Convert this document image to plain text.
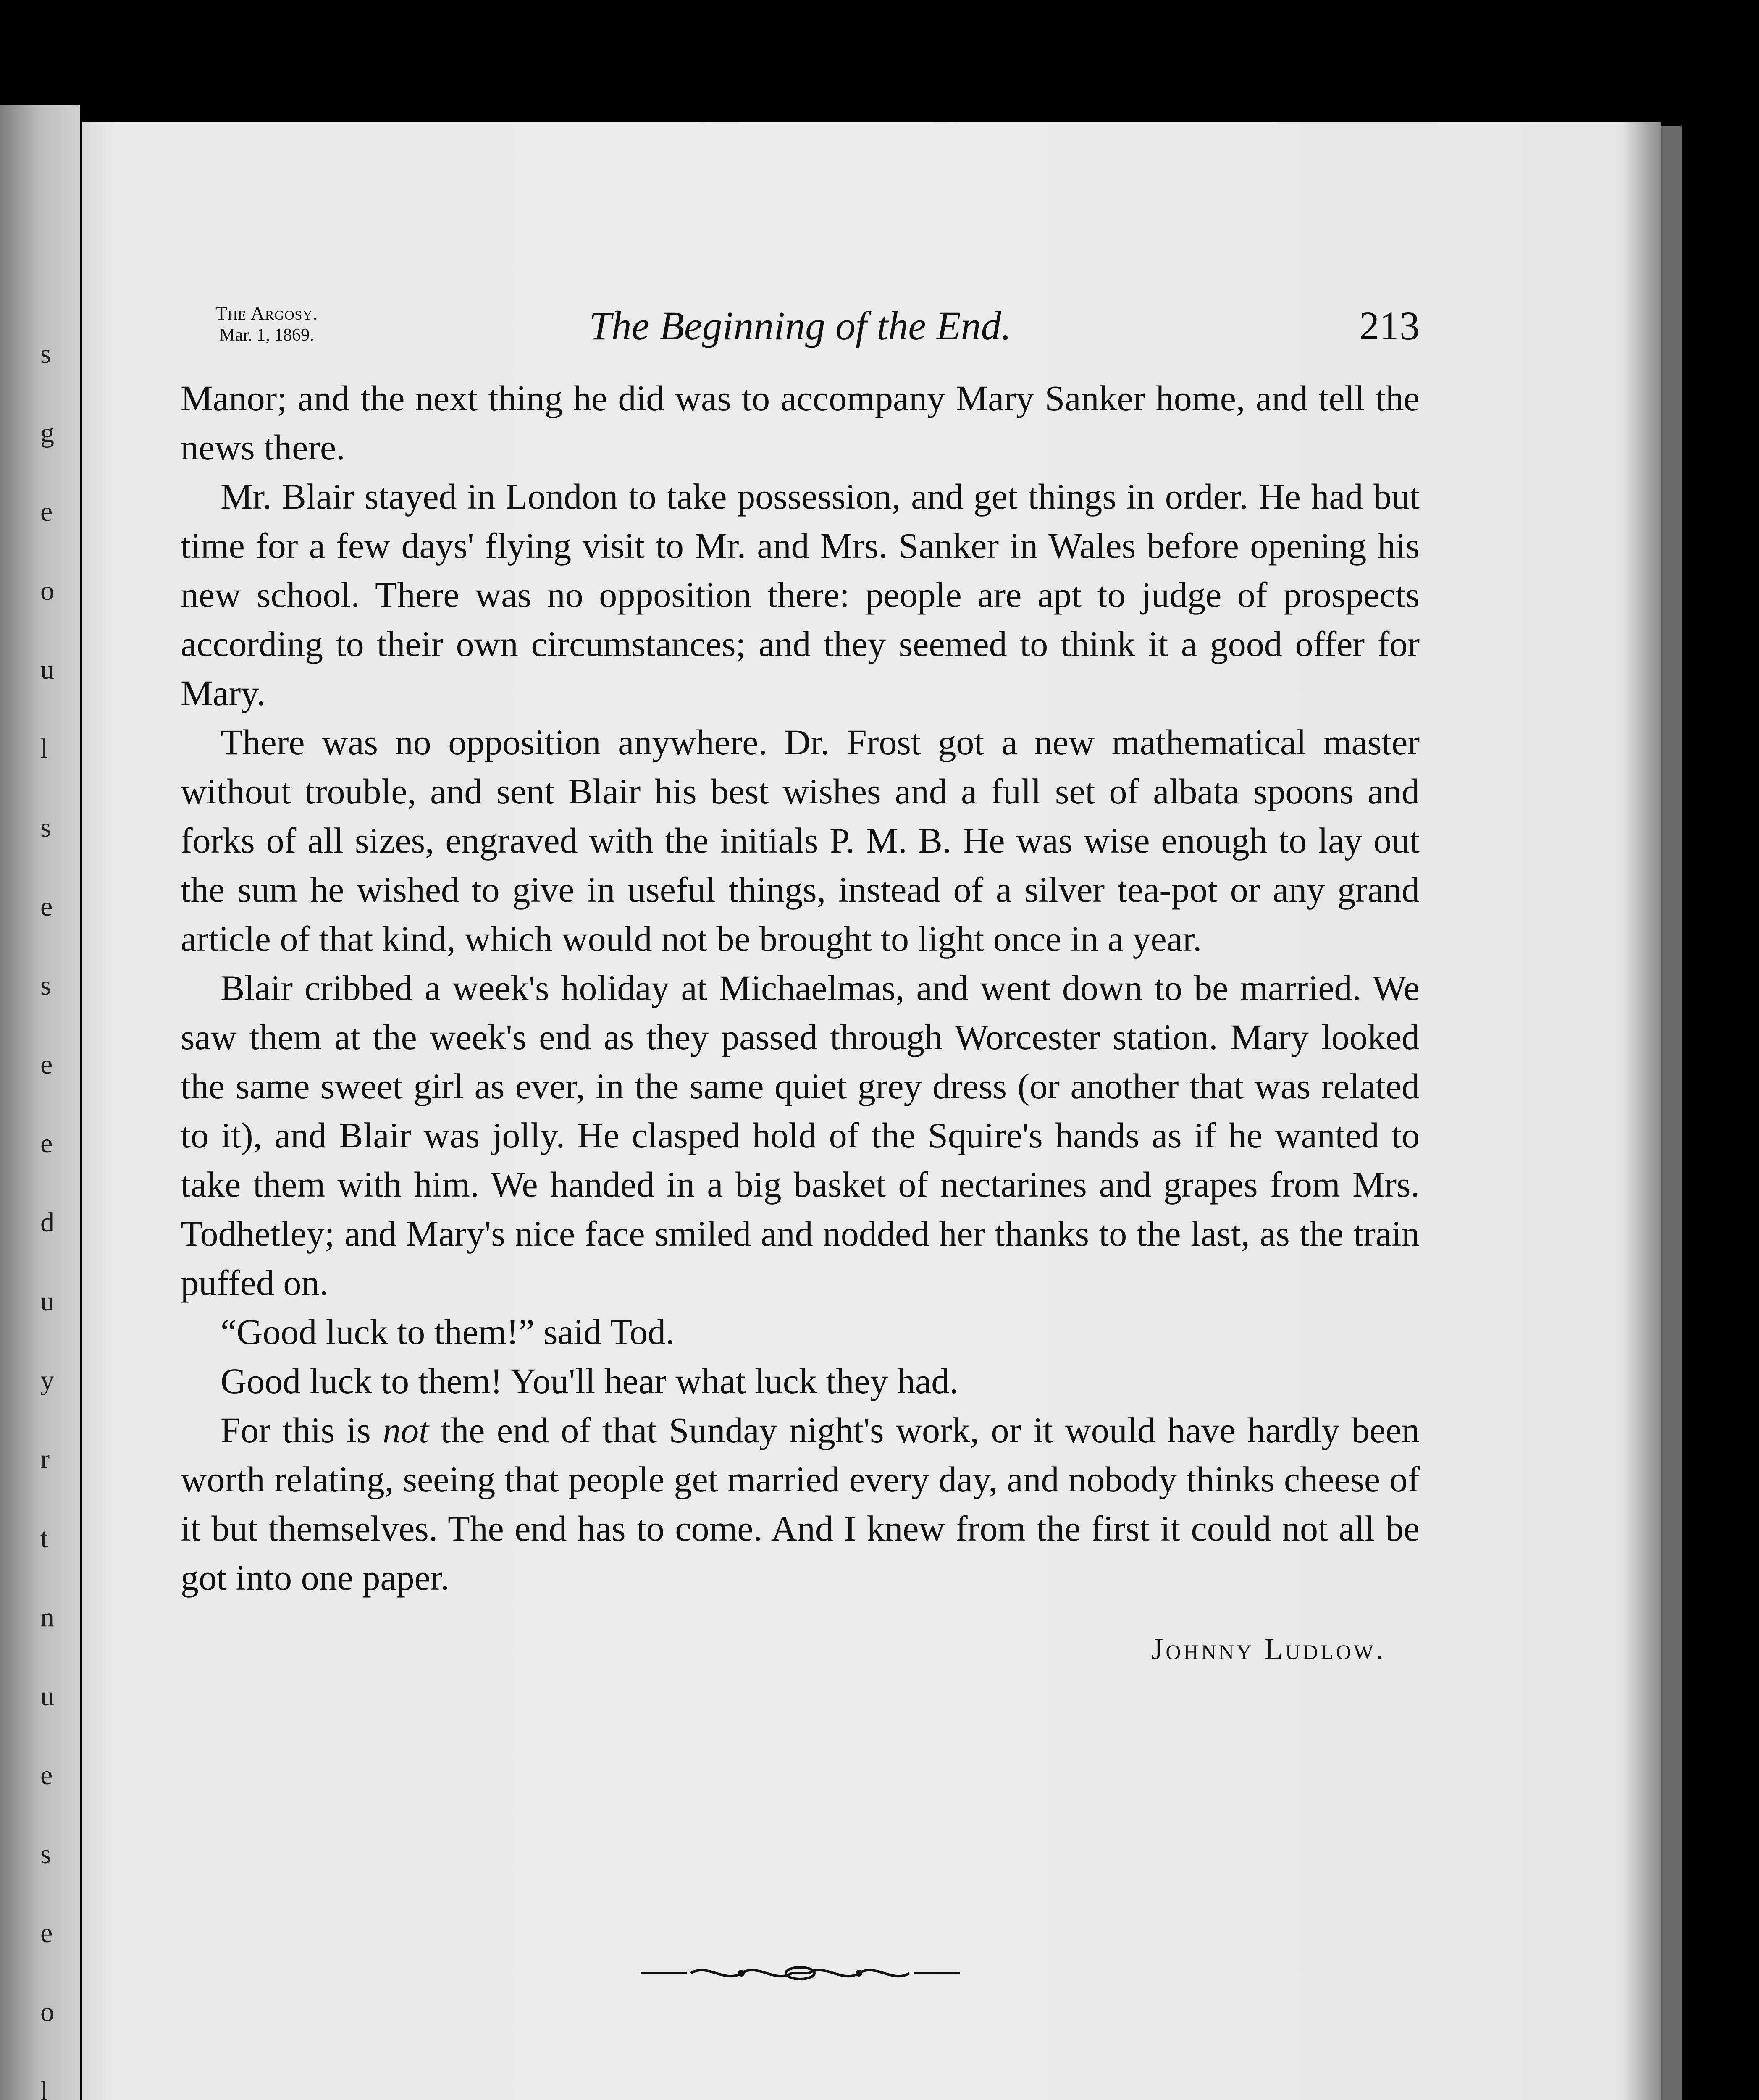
s
g
e
o
u
l
s
e
s
e
e
d
u
y
r
t
n
u
e
s
e
o
l
The Argosy.
Mar. 1, 1869.	The Beginning of the End.	213

Manor; and the next thing he did was to accompany Mary Sanker home, and tell the news there.

Mr. Blair stayed in London to take possession, and get things in order. He had but time for a few days' flying visit to Mr. and Mrs. Sanker in Wales before opening his new school. There was no opposition there: people are apt to judge of prospects according to their own circumstances; and they seemed to think it a good offer for Mary.

There was no opposition anywhere. Dr. Frost got a new mathematical master without trouble, and sent Blair his best wishes and a full set of albata spoons and forks of all sizes, engraved with the initials P. M. B. He was wise enough to lay out the sum he wished to give in useful things, instead of a silver tea-pot or any grand article of that kind, which would not be brought to light once in a year.

Blair cribbed a week's holiday at Michaelmas, and went down to be married. We saw them at the week's end as they passed through Worcester station. Mary looked the same sweet girl as ever, in the same quiet grey dress (or another that was related to it), and Blair was jolly. He clasped hold of the Squire's hands as if he wanted to take them with him. We handed in a big basket of nectarines and grapes from Mrs. Todhetley; and Mary's nice face smiled and nodded her thanks to the last, as the train puffed on.

“Good luck to them!” said Tod.

Good luck to them! You'll hear what luck they had.

For this is not the end of that Sunday night's work, or it would have hardly been worth relating, seeing that people get married every day, and nobody thinks cheese of it but themselves. The end has to come. And I knew from the first it could not all be got into one paper.

Johnny Ludlow.
